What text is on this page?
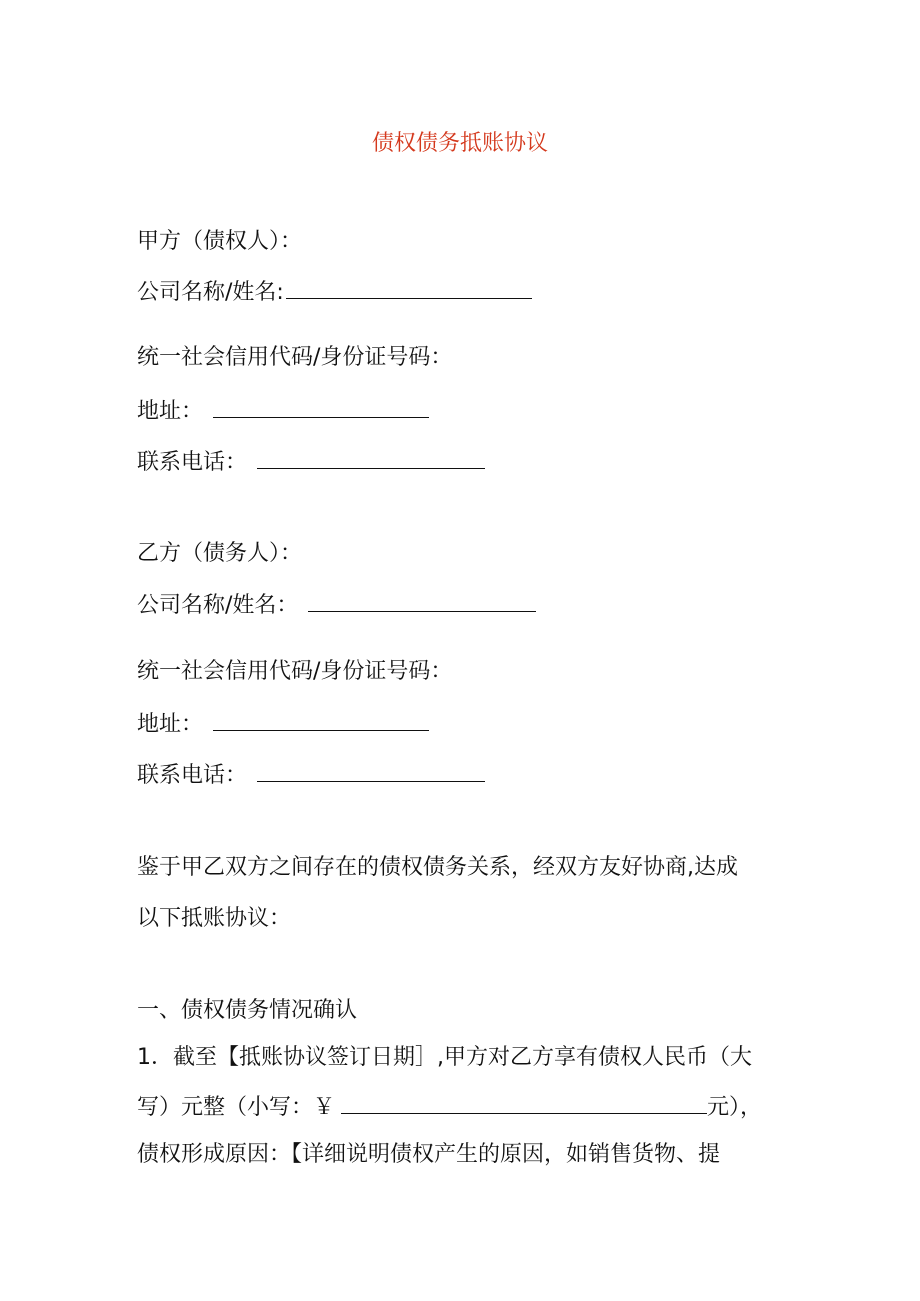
债权债务抵账协议
甲方（债权人）：
公司名称/姓名:
统一社会信用代码/身份证号码：
地址：
联系电话：
乙方（债务人）：
公司名称/姓名：
统一社会信用代码/身份证号码：
地址：
联系电话：
鉴于甲乙双方之间存在的债权债务关系，经双方友好协商,达成
以下抵账协议：
一、债权债务情况确认
1．截至【抵账协议签订日期］,甲方对乙方享有债权人民币（大
写）元整（小写：￥	元），
债权形成原因：【详细说明债权产生的原因，如销售货物、提
